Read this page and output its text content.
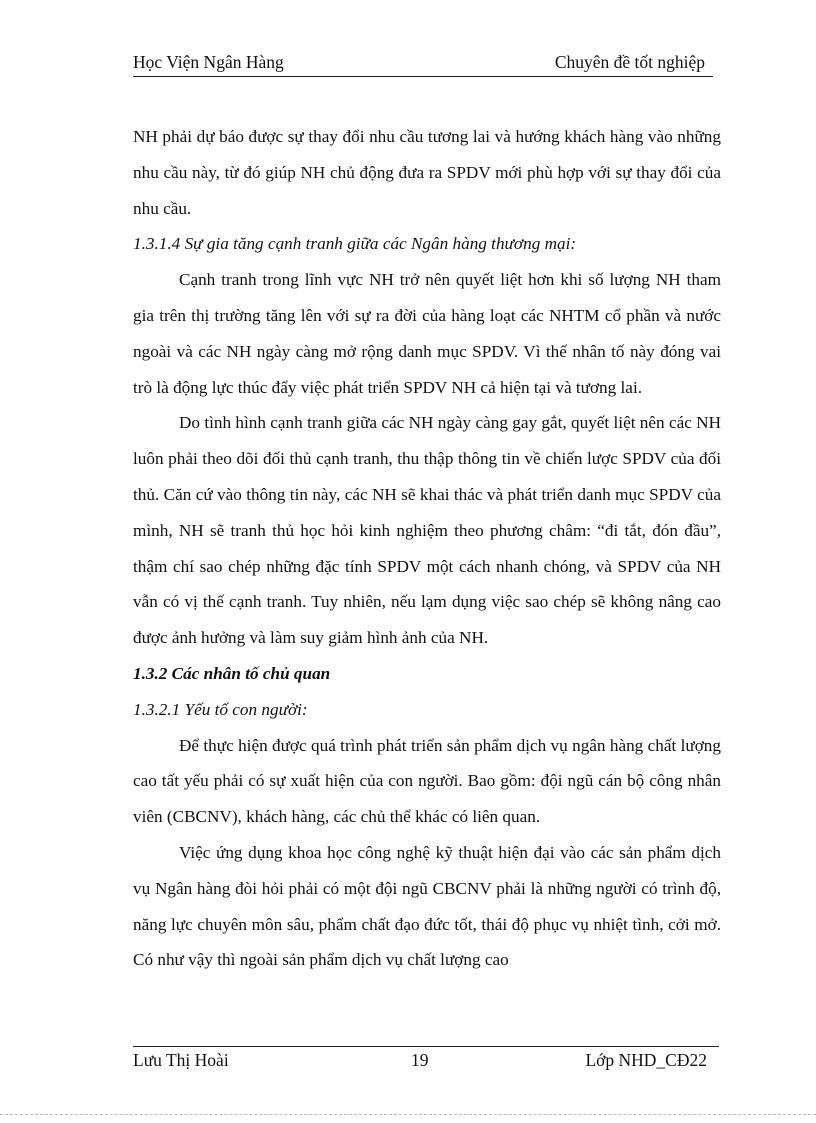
Học Viện Ngân Hàng	Chuyên đề tốt nghiệp

NH phải dự báo được sự thay đổi nhu cầu tương lai và hướng khách hàng vào những nhu cầu này, từ đó giúp NH chủ động đưa ra SPDV mới phù hợp với sự thay đổi của nhu cầu.

1.3.1.4 Sự gia tăng cạnh tranh giữa các Ngân hàng thương mại:

Cạnh tranh trong lĩnh vực NH trở nên quyết liệt hơn khi số lượng NH tham gia trên thị trường tăng lên với sự ra đời của hàng loạt các NHTM cổ phần và nước ngoài và các NH ngày càng mở rộng danh mục SPDV. Vì thế nhân tố này đóng vai trò là động lực thúc đẩy việc phát triển SPDV NH cả hiện tại và tương lai.

Do tình hình cạnh tranh giữa các NH ngày càng gay gắt, quyết liệt nên các NH luôn phải theo dõi đối thủ cạnh tranh, thu thập thông tin về chiến lược SPDV của đối thủ. Căn cứ vào thông tin này, các NH sẽ khai thác và phát triển danh mục SPDV của mình, NH sẽ tranh thủ học hỏi kinh nghiệm theo phương châm: “đi tắt, đón đầu”, thậm chí sao chép những đặc tính SPDV một cách nhanh chóng, và SPDV của NH vẫn có vị thế cạnh tranh. Tuy nhiên, nếu lạm dụng việc sao chép sẽ không nâng cao được ảnh hưởng và làm suy giảm hình ảnh của NH.

1.3.2 Các nhân tố chủ quan

1.3.2.1 Yếu tố con người:

Để thực hiện được quá trình phát triển sản phẩm dịch vụ ngân hàng chất lượng cao tất yếu phải có sự xuất hiện của con người. Bao gồm: đội ngũ cán bộ công nhân viên (CBCNV), khách hàng, các chủ thể khác có liên quan.

Việc ứng dụng khoa học công nghệ kỹ thuật hiện đại vào các sản phẩm dịch vụ Ngân hàng đòi hỏi phải có một đội ngũ CBCNV phải là những người có trình độ, năng lực chuyên môn sâu, phẩm chất đạo đức tốt, thái độ phục vụ nhiệt tình, cởi mở. Có như vậy thì ngoài sản phẩm dịch vụ chất lượng cao

Lưu Thị Hoài	19	Lớp NHD_CĐ22
